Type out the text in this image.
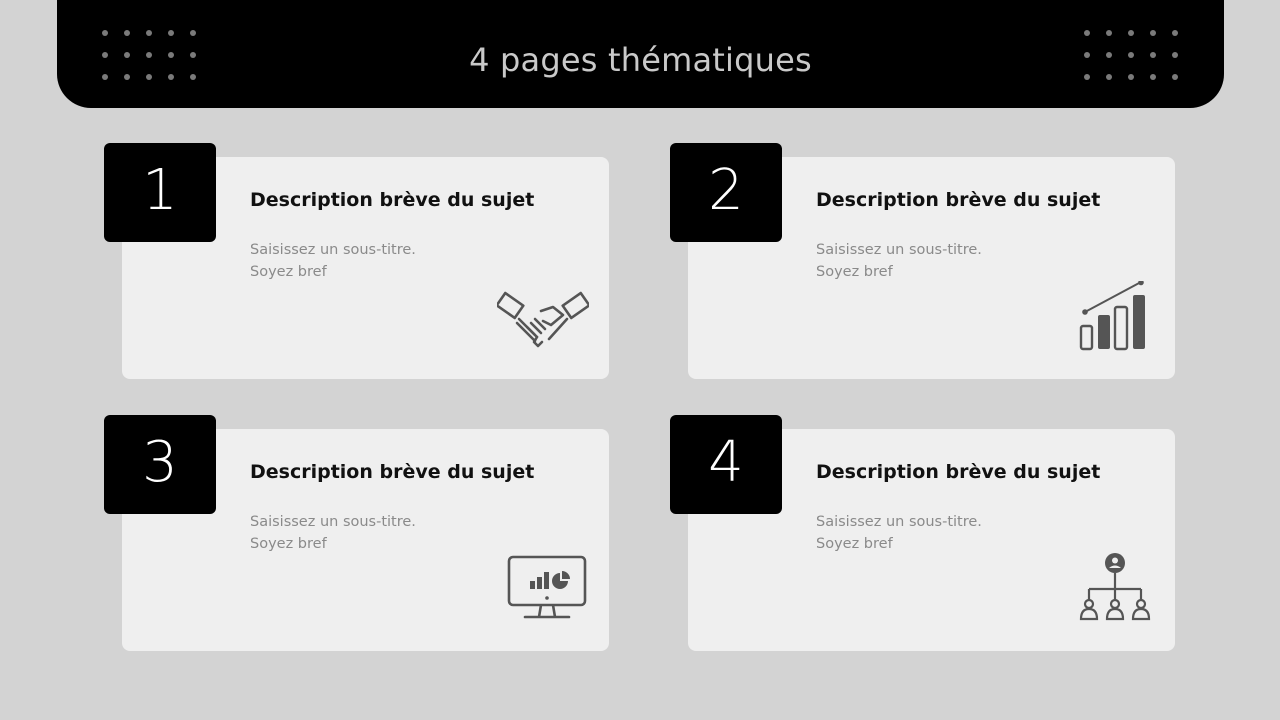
4 pages thématiques
Description brève du sujet
Saisissez un sous-titre.
Soyez bref
1	Description brève du sujet
Saisissez un sous-titre.
Soyez bref
2
Description brève du sujet
Saisissez un sous-titre.
Soyez bref
3	Description brève du sujet
Saisissez un sous-titre.
Soyez bref
4
